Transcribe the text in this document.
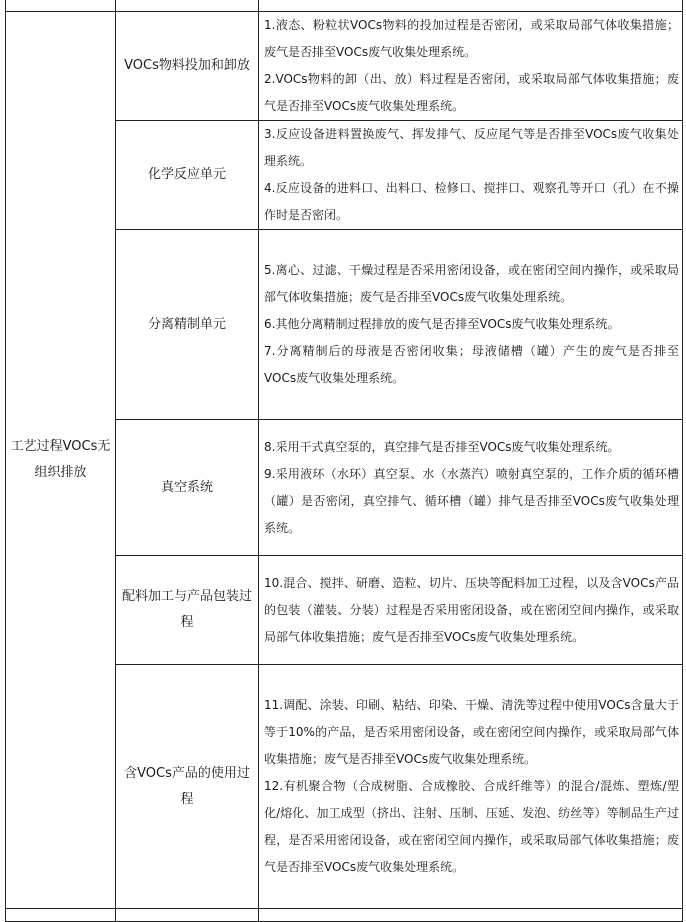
工艺过程VOCs无组织排放	VOCs物料投加和卸放	1.液态、粉粒状VOCs物料的投加过程是否密闭，或采取局部气体收集措施；废气是否排至VOCs废气收集处理系统。

2.VOCs物料的卸（出、放）料过程是否密闭，或采取局部气体收集措施；废气是否排至VOCs废气收集处理系统。

	化学反应单元	3.反应设备进料置换废气、挥发排气、反应尾气等是否排至VOCs废气收集处理系统。

4.反应设备的进料口、出料口、检修口、搅拌口、观察孔等开口（孔）在不操作时是否密闭。

	分离精制单元	5.离心、过滤、干燥过程是否采用密闭设备，或在密闭空间内操作，或采取局部气体收集措施；废气是否排至VOCs废气收集处理系统。

6.其他分离精制过程排放的废气是否排至VOCs废气收集处理系统。

7.分离精制后的母液是否密闭收集；母液储槽（罐）产生的废气是否排至VOCs废气收集处理系统。

	真空系统	8.采用干式真空泵的，真空排气是否排至VOCs废气收集处理系统。

9.采用液环（水环）真空泵、水（水蒸汽）喷射真空泵的，工作介质的循环槽（罐）是否密闭，真空排气、循环槽（罐）排气是否排至VOCs废气收集处理系统。

	配料加工与产品包装过程	10.混合、搅拌、研磨、造粒、切片、压块等配料加工过程，以及含VOCs产品的包装（灌装、分装）过程是否采用密闭设备，或在密闭空间内操作，或采取局部气体收集措施；废气是否排至VOCs废气收集处理系统。

	含VOCs产品的使用过程	11.调配、涂装、印刷、粘结、印染、干燥、清洗等过程中使用VOCs含量大于等于10%的产品，是否采用密闭设备，或在密闭空间内操作，或采取局部气体收集措施；废气是否排至VOCs废气收集处理系统。

12.有机聚合物（合成树脂、合成橡胶、合成纤维等）的混合/混炼、塑炼/塑化/熔化、加工成型（挤出、注射、压制、压延、发泡、纺丝等）等制品生产过程，是否采用密闭设备，或在密闭空间内操作，或采取局部气体收集措施；废气是否排至VOCs废气收集处理系统。
